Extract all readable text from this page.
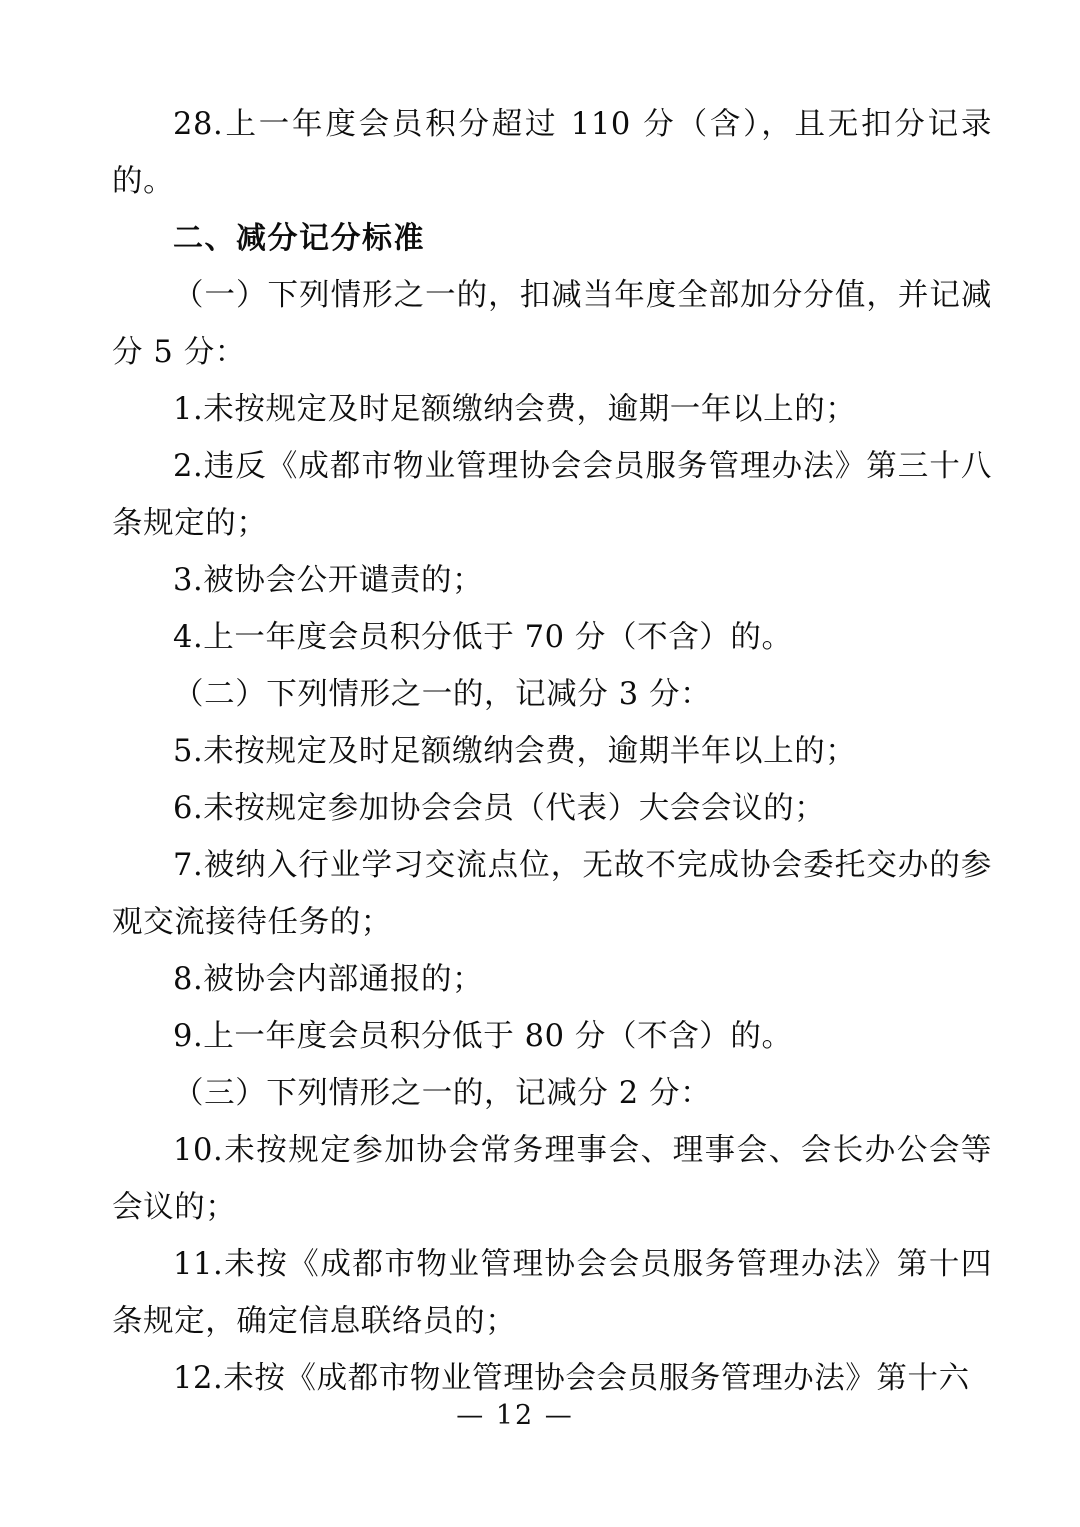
28.上一年度会员积分超过 110 分（含），且无扣分记录的。

二、减分记分标准

（一）下列情形之一的，扣减当年度全部加分分值，并记减分 5 分：

1.未按规定及时足额缴纳会费，逾期一年以上的；

2.违反《成都市物业管理协会会员服务管理办法》第三十八条规定的；

3.被协会公开谴责的；

4.上一年度会员积分低于 70 分（不含）的。

（二）下列情形之一的，记减分 3 分：

5.未按规定及时足额缴纳会费，逾期半年以上的；

6.未按规定参加协会会员（代表）大会会议的；

7.被纳入行业学习交流点位，无故不完成协会委托交办的参观交流接待任务的；

8.被协会内部通报的；

9.上一年度会员积分低于 80 分（不含）的。

（三）下列情形之一的，记减分 2 分：

10.未按规定参加协会常务理事会、理事会、会长办公会等会议的；

11.未按《成都市物业管理协会会员服务管理办法》第十四条规定，确定信息联络员的；

12.未按《成都市物业管理协会会员服务管理办法》第十六

— 12 —
